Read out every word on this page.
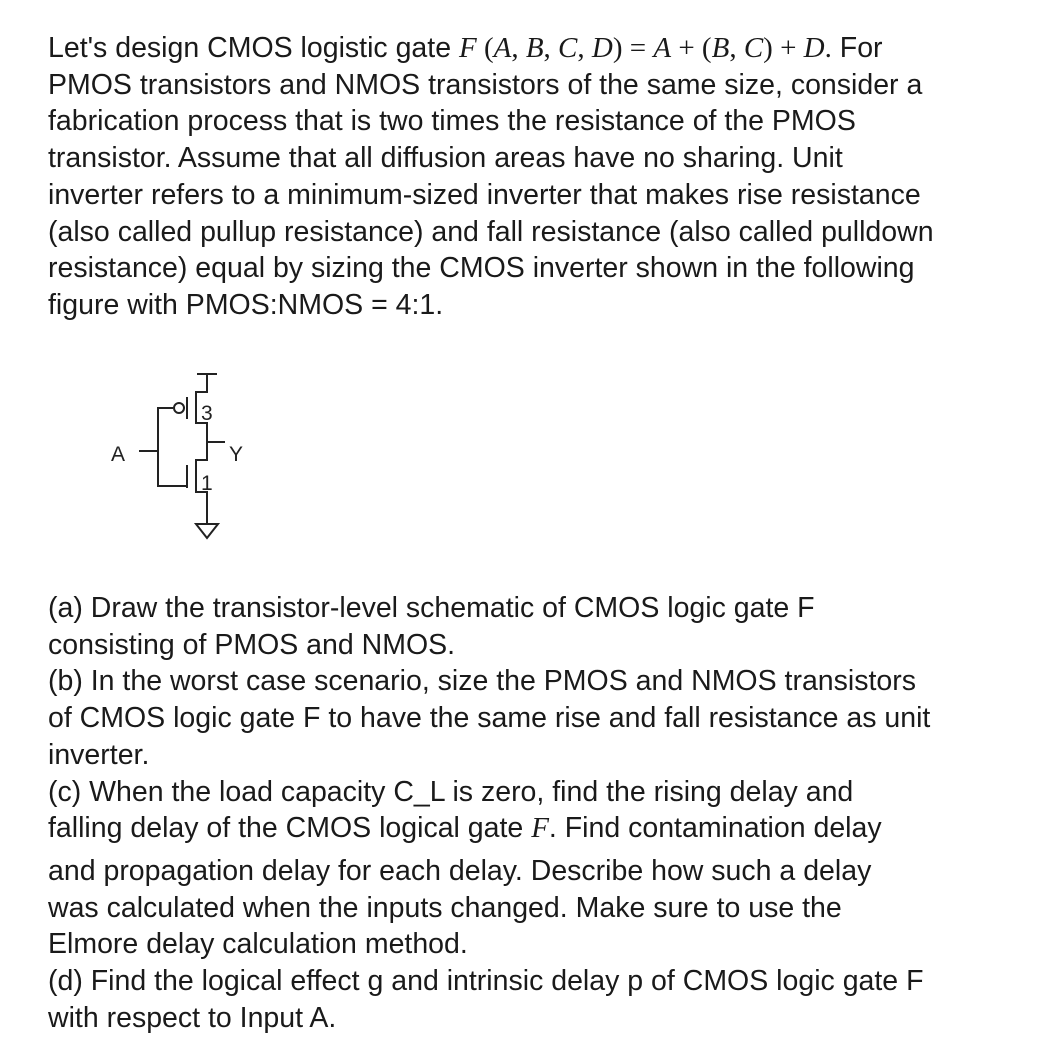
Let's design CMOS logistic gate F (A, B, C, D) = A + (B, C) + D. For
PMOS transistors and NMOS transistors of the same size, consider a
fabrication process that is two times the resistance of the PMOS
transistor. Assume that all diffusion areas have no sharing. Unit
inverter refers to a minimum-sized inverter that makes rise resistance
(also called pullup resistance) and fall resistance (also called pulldown
resistance) equal by sizing the CMOS inverter shown in the following
figure with PMOS:NMOS = 4:1.
A	Y
3
1
(a) Draw the transistor-level schematic of CMOS logic gate F
consisting of PMOS and NMOS.
(b) In the worst case scenario, size the PMOS and NMOS transistors
of CMOS logic gate F to have the same rise and fall resistance as unit
inverter.
(c) When the load capacity C_L is zero, find the rising delay and
falling delay of the CMOS logical gate F. Find contamination delay
and propagation delay for each delay. Describe how such a delay
was calculated when the inputs changed. Make sure to use the
Elmore delay calculation method.
(d) Find the logical effect g and intrinsic delay p of CMOS logic gate F
with respect to Input A.
